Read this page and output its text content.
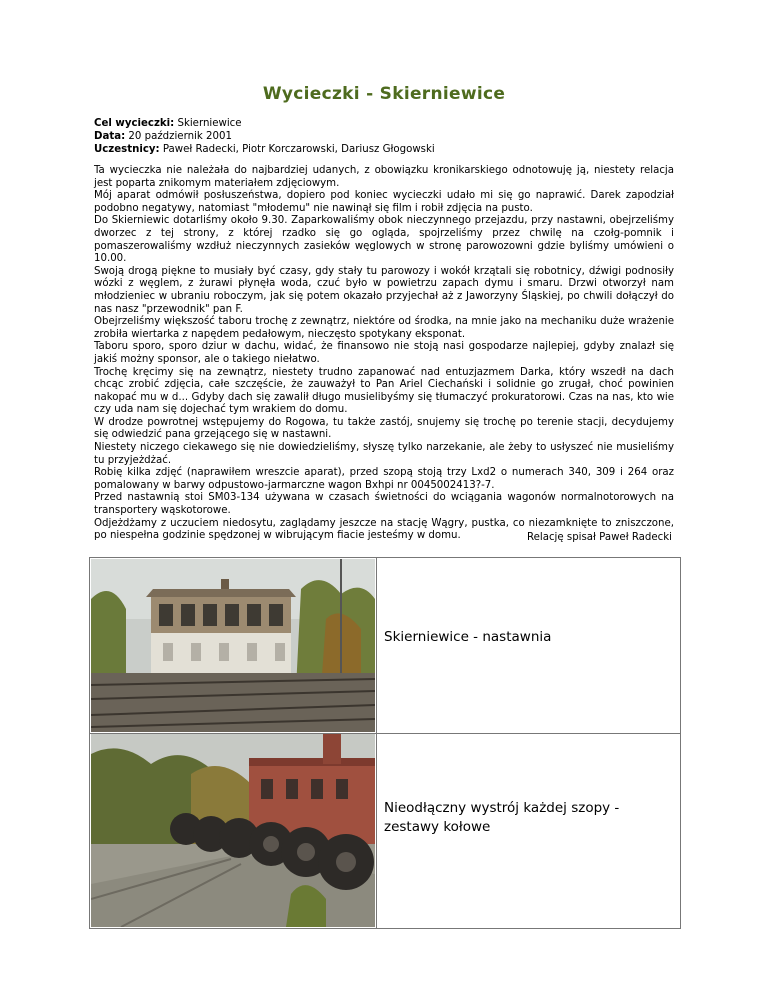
Wycieczki - Skierniewice
Cel wycieczki: Skierniewice
Data: 20 październik 2001
Uczestnicy: Paweł Radecki, Piotr Korczarowski, Dariusz Głogowski

Ta wycieczka nie należała do najbardziej udanych, z obowiązku kronikarskiego odnotowuję ją, niestety relacja jest poparta znikomym materiałem zdjęciowym.

Mój aparat odmówił posłuszeństwa, dopiero pod koniec wycieczki udało mi się go naprawić. Darek zapodział podobno negatywy, natomiast "młodemu" nie nawinął się film i robił zdjęcia na pusto.

Do Skierniewic dotarliśmy około 9.30. Zaparkowaliśmy obok nieczynnego przejazdu, przy nastawni, obejrzeliśmy dworzec z tej strony, z której rzadko się go ogląda, spojrzeliśmy przez chwilę na czołg-pomnik i pomaszerowaliśmy wzdłuż nieczynnych zasieków węglowych w stronę parowozowni gdzie byliśmy umówieni o 10.00.

Swoją drogą piękne to musiały być czasy, gdy stały tu parowozy i wokół krzątali się robotnicy, dźwigi podnosiły wózki z węglem, z żurawi płynęła woda, czuć było w powietrzu zapach dymu i smaru. Drzwi otworzył nam młodzieniec w ubraniu roboczym, jak się potem okazało przyjechał aż z Jaworzyny Śląskiej, po chwili dołączył do nas nasz "przewodnik" pan F.

Obejrzeliśmy większość taboru trochę z zewnątrz, niektóre od środka, na mnie jako na mechaniku duże wrażenie zrobiła wiertarka z napędem pedałowym, nieczęsto spotykany eksponat.

Taboru sporo, sporo dziur w dachu, widać, że finansowo nie stoją nasi gospodarze najlepiej, gdyby znalazł się jakiś możny sponsor, ale o takiego niełatwo.

Trochę kręcimy się na zewnątrz, niestety trudno zapanować nad entuzjazmem Darka, który wszedł na dach chcąc zrobić zdjęcia, całe szczęście, że zauważył to Pan Ariel Ciechański i solidnie go zrugał, choć powinien nakopać mu w d... Gdyby dach się zawalił długo musielibyśmy się tłumaczyć prokuratorowi. Czas na nas, kto wie czy uda nam się dojechać tym wrakiem do domu.

W drodze powrotnej wstępujemy do Rogowa, tu także zastój, snujemy się trochę po terenie stacji, decydujemy się odwiedzić pana grzejącego się w nastawni.

Niestety niczego ciekawego się nie dowiedzieliśmy, słyszę tylko narzekanie, ale żeby to usłyszeć nie musieliśmy tu przyjeżdżać.

Robię kilka zdjęć (naprawiłem wreszcie aparat), przed szopą stoją trzy Lxd2 o numerach 340, 309 i 264 oraz pomalowany w barwy odpustowo-jarmarczne wagon Bxhpi nr 0045002413?-7.

Przed nastawnią stoi SM03-134 używana w czasach świetności do wciągania wagonów normalnotorowych na transportery wąskotorowe.

Odjeżdżamy z uczuciem niedosytu, zaglądamy jeszcze na stację Wągry, pustka, co niezamknięte to zniszczone, po niespełna godzinie spędzonej w wibrującym fiacie jesteśmy w domu.	Relację spisał Paweł Radecki
Skierniewice - nastawnia
Nieodłączny wystrój każdej szopy - zestawy kołowe
